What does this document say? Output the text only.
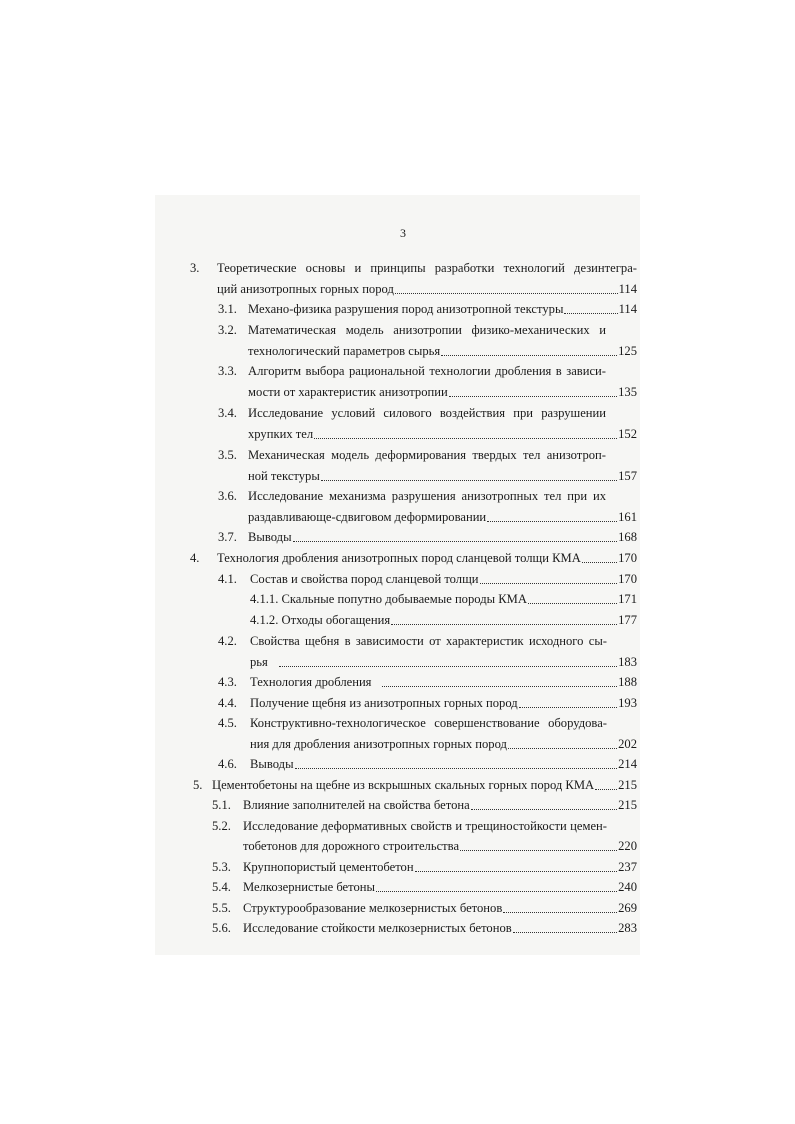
3
3. Теоретические основы и принципы разработки технологий дезинтегра-
ций анизотропных горных пород	114
3.1. Механо-физика разрушения пород анизотропной текстуры	114
3.2. Математическая модель анизотропии физико-механических и
технологический параметров сырья	125
3.3. Алгоритм выбора рациональной технологии дробления в зависи-
мости от характеристик анизотропии	135
3.4. Исследование условий силового воздействия при разрушении
хрупких тел	152
3.5. Механическая модель деформирования твердых тел анизотроп-
ной текстуры	157
3.6. Исследование механизма разрушения анизотропных тел при их
раздавливающе-сдвиговом деформировании	161
3.7. Выводы	168
4. Технология дробления анизотропных пород сланцевой толщи КМА	170
4.1. Состав и свойства пород сланцевой толщи	170
4.1.1. Скальные попутно добываемые породы КМА	171
4.1.2. Отходы обогащения	177
4.2. Свойства щебня в зависимости от характеристик исходного сы-
рья	183
4.3. Технология дробления	188
4.4. Получение щебня из анизотропных горных пород	193
4.5. Конструктивно-технологическое совершенствование оборудова-
ния для дробления анизотропных горных пород	202
4.6. Выводы	214
5. Цементобетоны на щебне из вскрышных скальных горных пород КМА 215
5.1. Влияние заполнителей на свойства бетона	215
5.2. Исследование деформативных свойств и трещиностойкости цемен-
тобетонов для дорожного строительства	220
5.3. Крупнопористый цементобетон	237
5.4. Мелкозернистые бетоны	240
5.5. Структурообразование мелкозернистых бетонов	269
5.6. Исследование стойкости мелкозернистых бетонов	283
